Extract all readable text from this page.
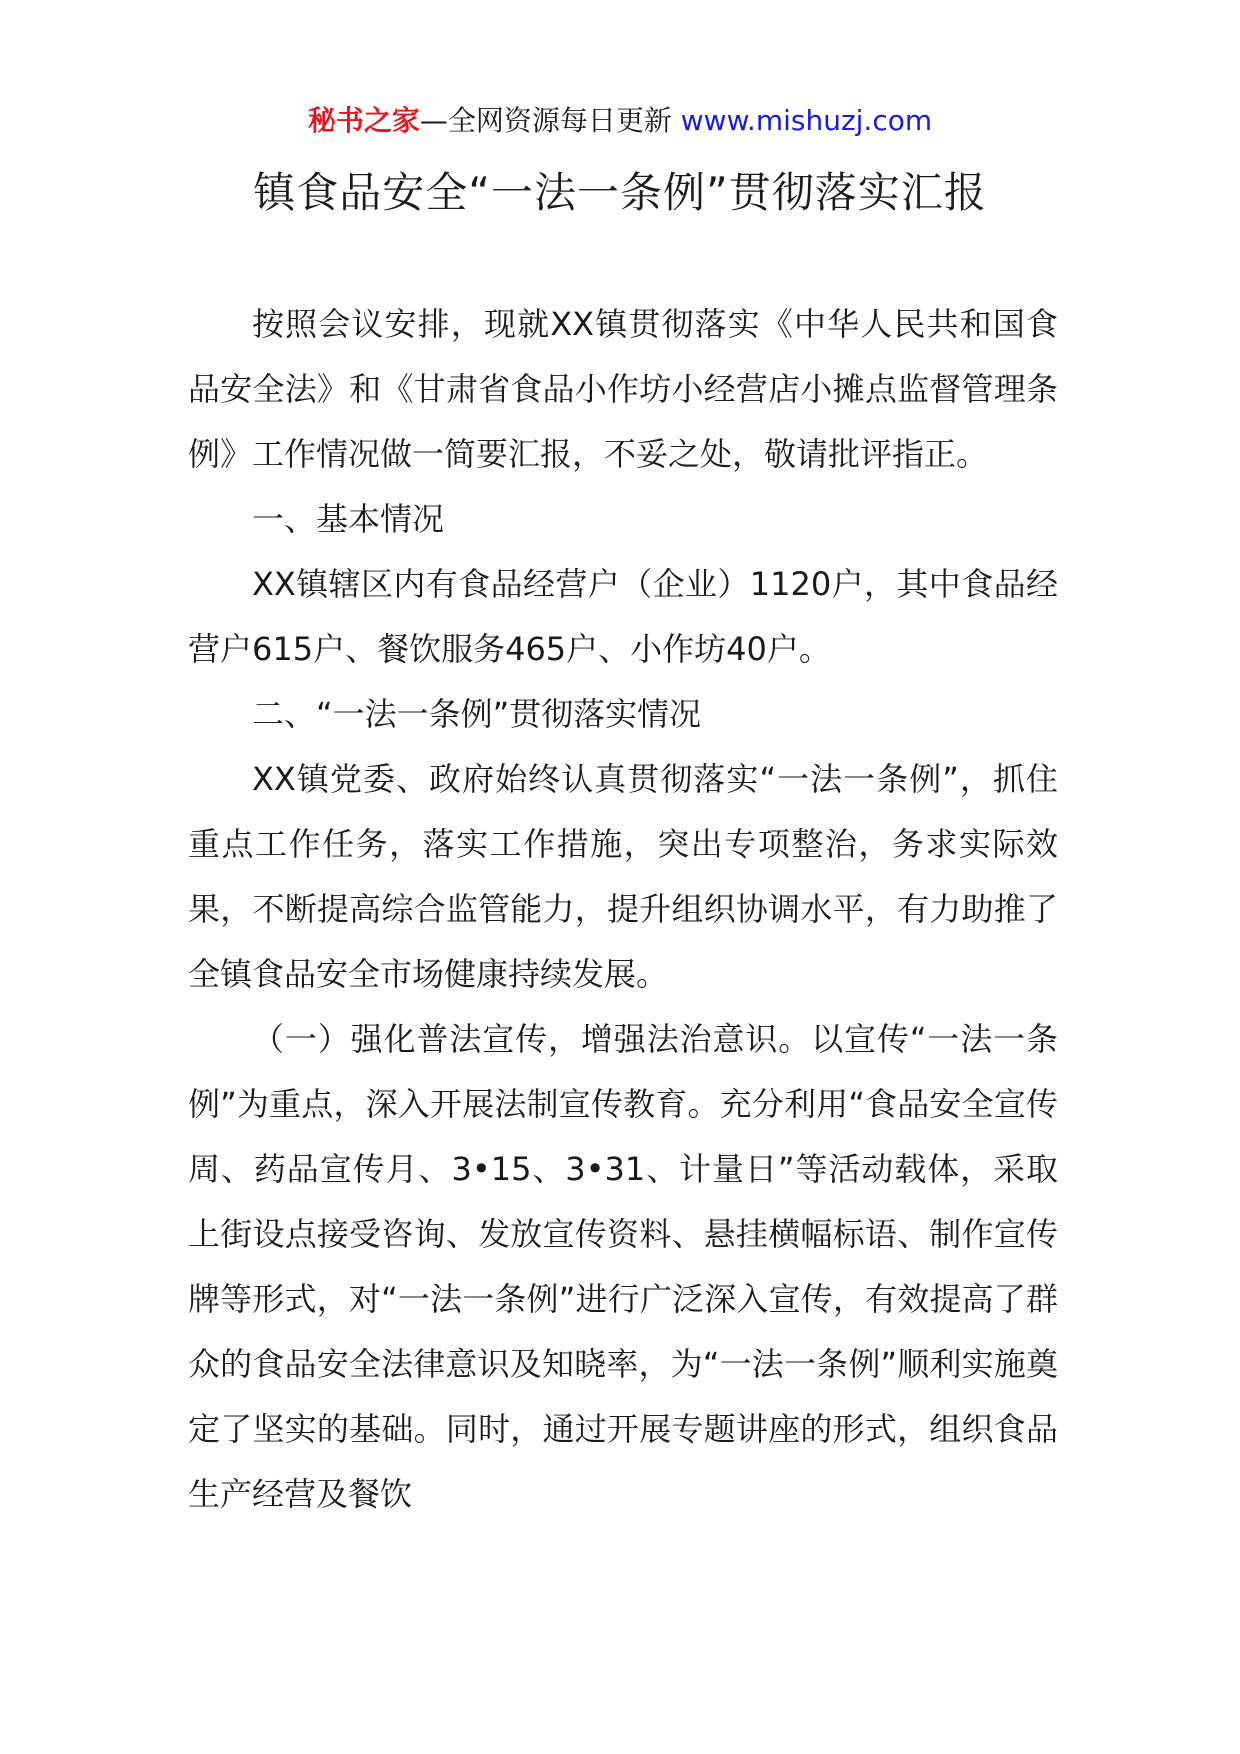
秘书之家—全网资源每日更新 www.mishuzj.com
镇食品安全“一法一条例”贯彻落实汇报

按照会议安排，现就XX镇贯彻落实《中华人民共和国食品安全法》和《甘肃省食品小作坊小经营店小摊点监督管理条例》工作情况做一简要汇报，不妥之处，敬请批评指正。

一、基本情况

XX镇辖区内有食品经营户（企业）1120户，其中食品经营户615户、餐饮服务465户、小作坊40户。

二、“一法一条例”贯彻落实情况

XX镇党委、政府始终认真贯彻落实“一法一条例”，抓住重点工作任务，落实工作措施，突出专项整治，务求实际效果，不断提高综合监管能力，提升组织协调水平，有力助推了全镇食品安全市场健康持续发展。

（一）强化普法宣传，增强法治意识。以宣传“一法一条例”为重点，深入开展法制宣传教育。充分利用“食品安全宣传周、药品宣传月、3•15、3•31、计量日”等活动载体，采取上街设点接受咨询、发放宣传资料、悬挂横幅标语、制作宣传牌等形式，对“一法一条例”进行广泛深入宣传，有效提高了群众的食品安全法律意识及知晓率，为“一法一条例”顺利实施奠定了坚实的基础。同时，通过开展专题讲座的形式，组织食品生产经营及餐饮
